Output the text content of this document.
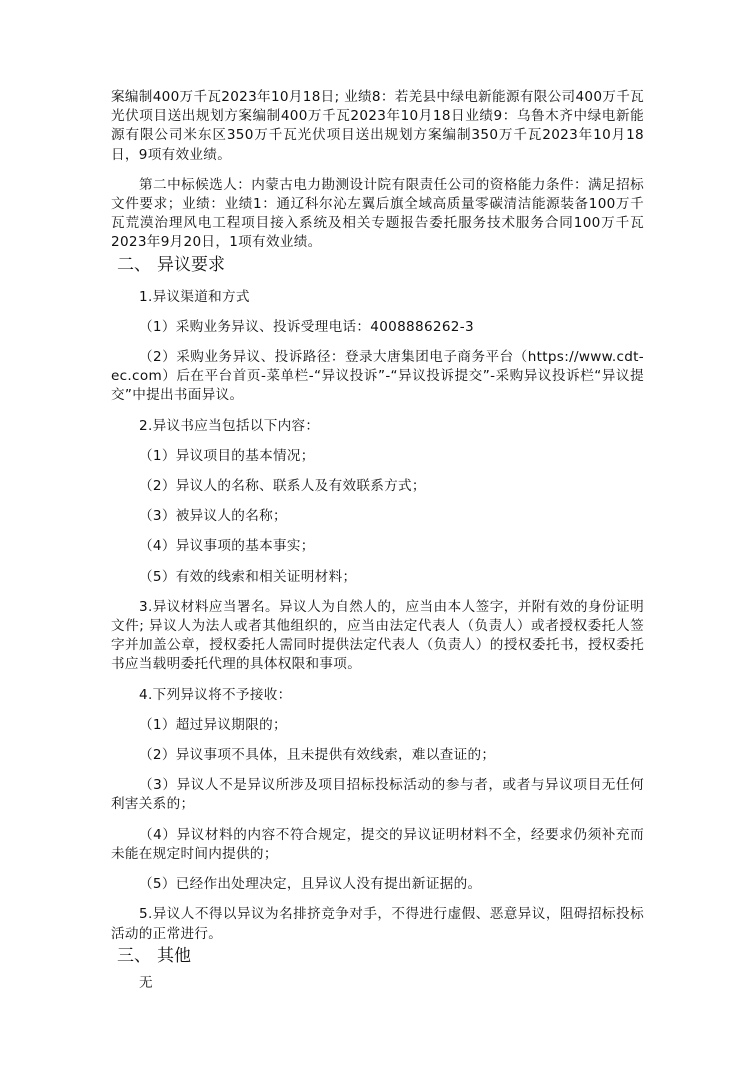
案编制400万千瓦2023年10月18日; 业绩8：若羌县中绿电新能源有限公司400万千瓦光伏项目送出规划方案编制400万千瓦2023年10月18日业绩9：乌鲁木齐中绿电新能源有限公司米东区350万千瓦光伏项目送出规划方案编制350万千瓦2023年10月18日，9项有效业绩。

第二中标候选人：内蒙古电力勘测设计院有限责任公司的资格能力条件：满足招标文件要求；业绩：业绩1：通辽科尔沁左翼后旗全域高质量零碳清洁能源装备100万千瓦荒漠治理风电工程项目接入系统及相关专题报告委托服务技术服务合同100万千瓦2023年9月20日，1项有效业绩。

二、 异议要求

1.异议渠道和方式

（1）采购业务异议、投诉受理电话：4008886262-3

（2）采购业务异议、投诉路径：登录大唐集团电子商务平台（https://www.cdt-ec.com）后在平台首页-菜单栏-“异议投诉”-“异议投诉提交”-采购异议投诉栏“异议提交”中提出书面异议。

2.异议书应当包括以下内容：

（1）异议项目的基本情况；

（2）异议人的名称、联系人及有效联系方式；

（3）被异议人的名称；

（4）异议事项的基本事实；

（5）有效的线索和相关证明材料；

3.异议材料应当署名。异议人为自然人的，应当由本人签字，并附有效的身份证明文件; 异议人为法人或者其他组织的，应当由法定代表人（负责人）或者授权委托人签字并加盖公章，授权委托人需同时提供法定代表人（负责人）的授权委托书，授权委托书应当载明委托代理的具体权限和事项。

4.下列异议将不予接收：

（1）超过异议期限的；

（2）异议事项不具体，且未提供有效线索，难以查证的；

（3）异议人不是异议所涉及项目招标投标活动的参与者，或者与异议项目无任何利害关系的；

（4）异议材料的内容不符合规定，提交的异议证明材料不全，经要求仍须补充而未能在规定时间内提供的；

（5）已经作出处理决定，且异议人没有提出新证据的。

5.异议人不得以异议为名排挤竞争对手，不得进行虚假、恶意异议，阻碍招标投标活动的正常进行。

三、 其他

无
